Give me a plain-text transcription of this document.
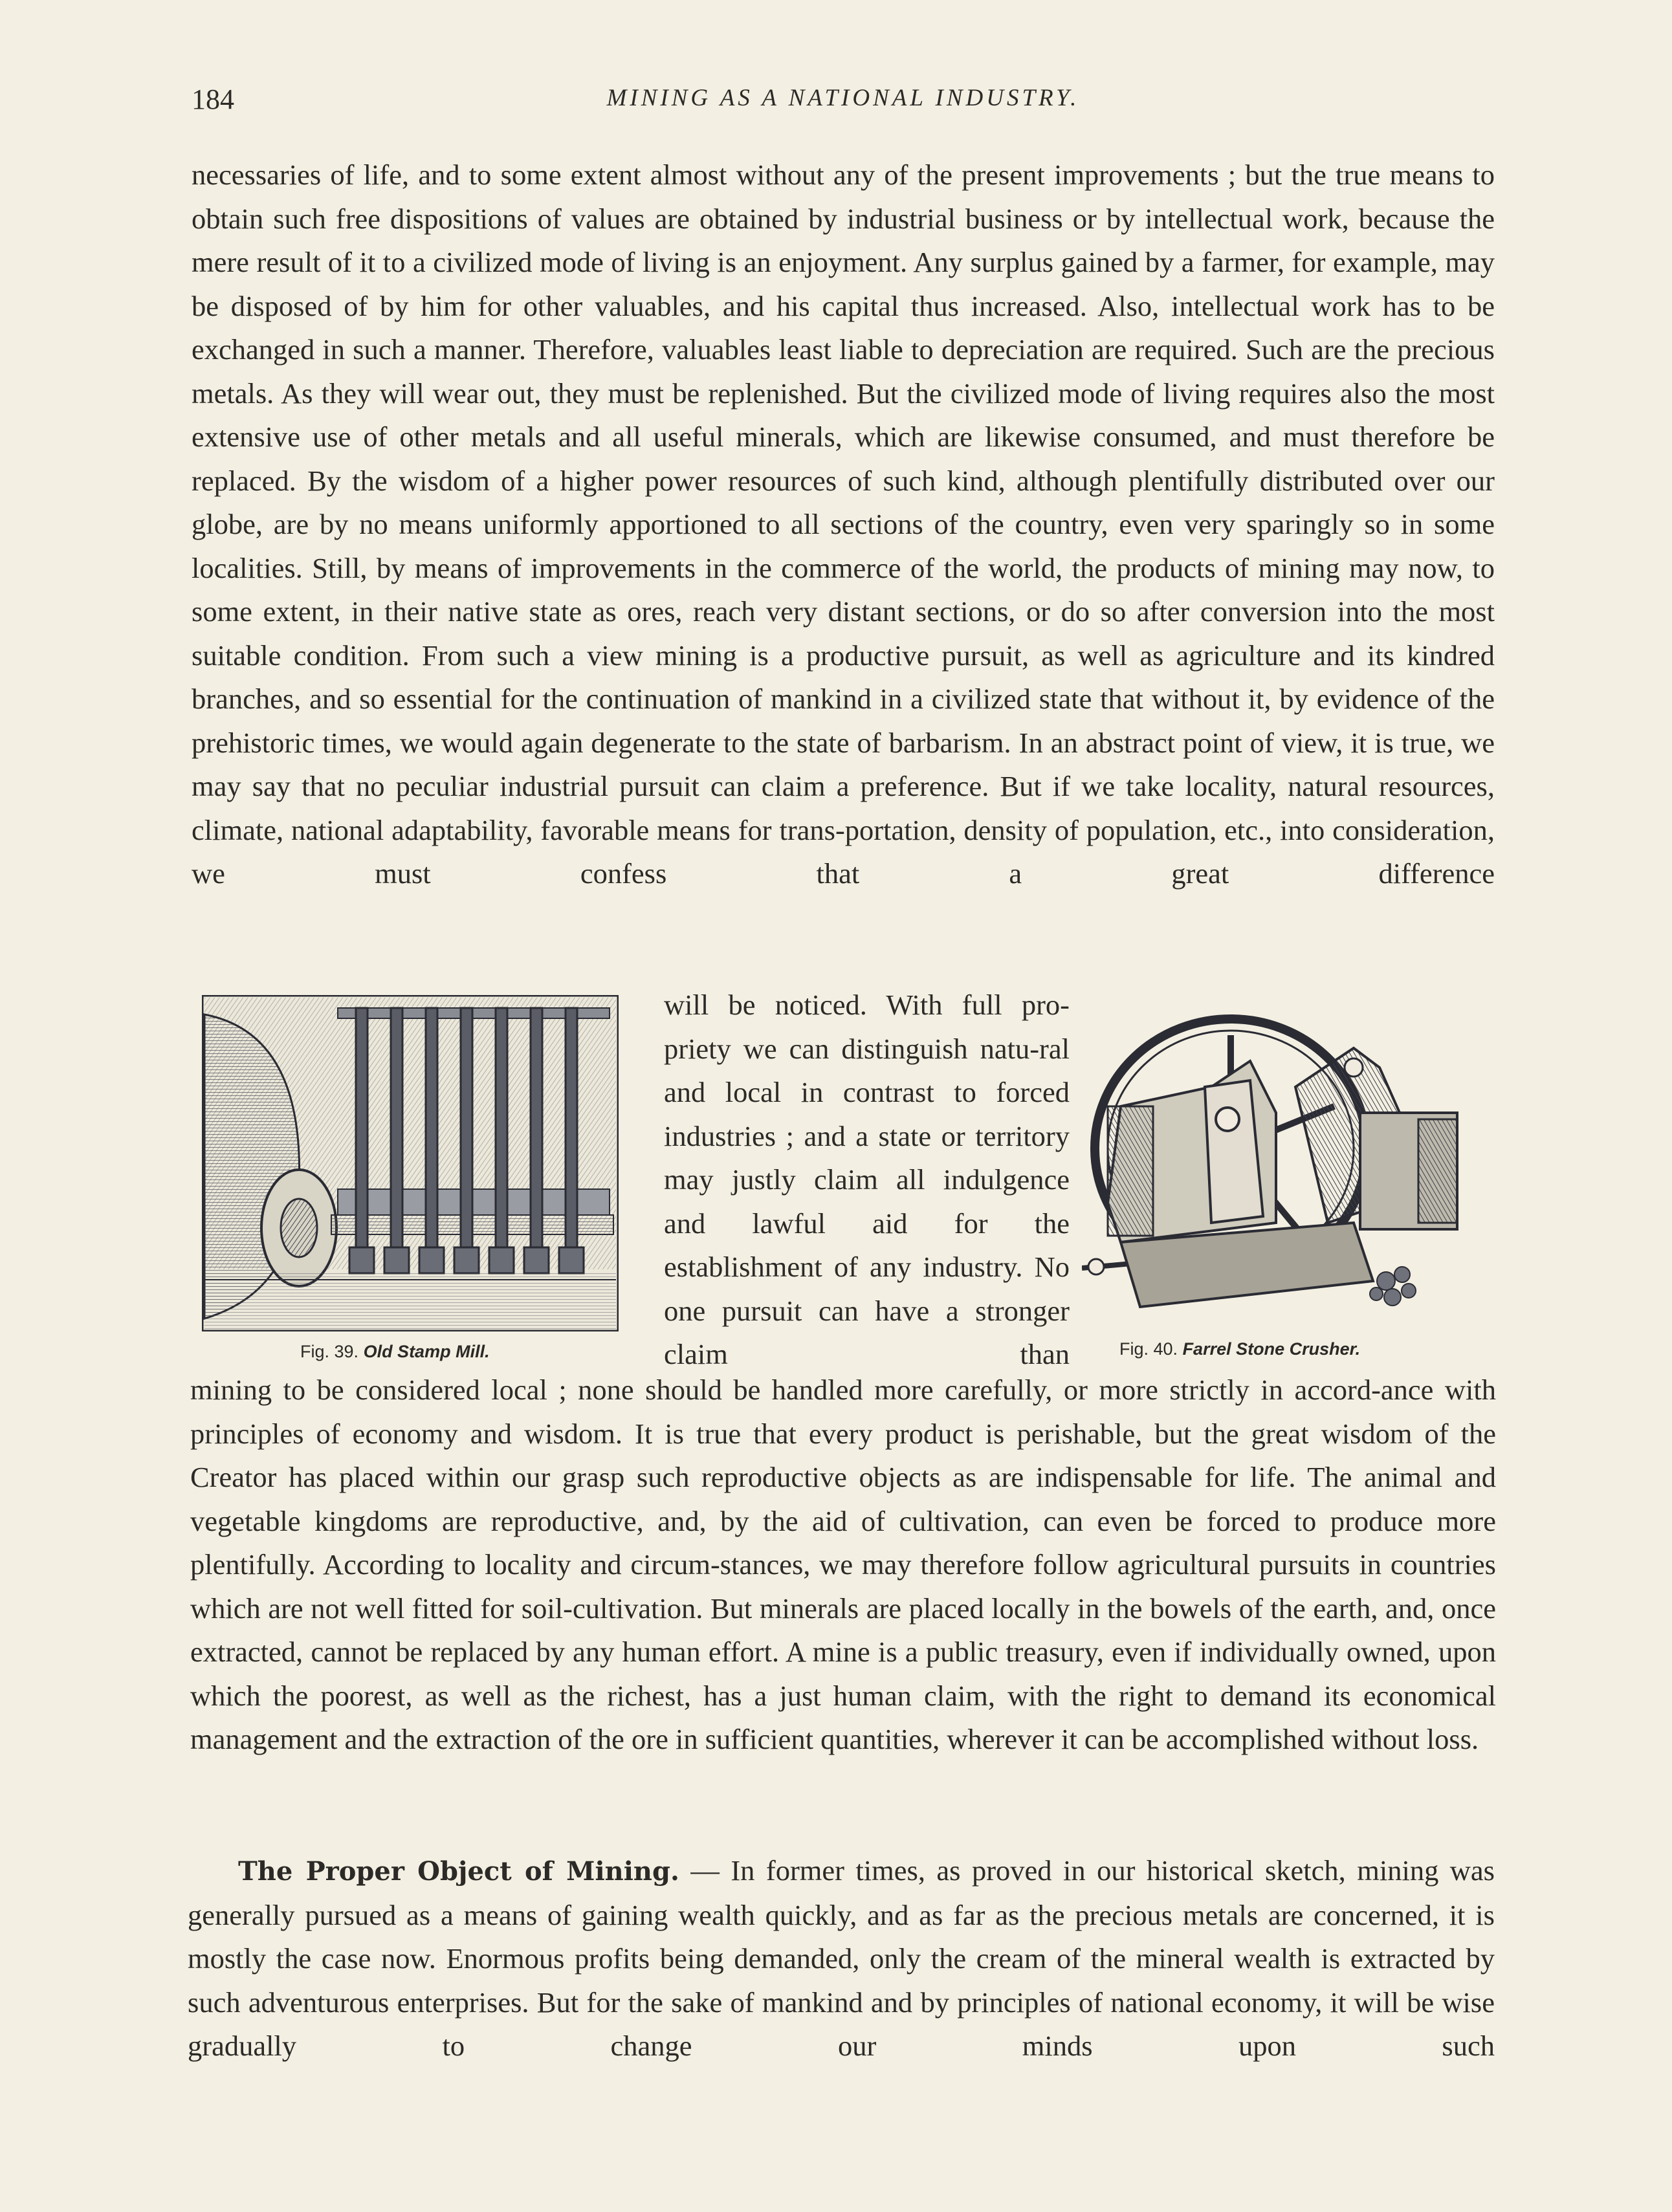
184	MINING AS A NATIONAL INDUSTRY.

necessaries of life, and to some extent almost without any of the present improvements ; but the true means to obtain such free dispositions of values are obtained by industrial business or by intellectual work, because the mere result of it to a civilized mode of living is an enjoyment. Any surplus gained by a farmer, for example, may be disposed of by him for other valuables, and his capital thus increased. Also, intellectual work has to be exchanged in such a manner. Therefore, valuables least liable to depreciation are required. Such are the precious metals. As they will wear out, they must be replenished. But the civilized mode of living requires also the most extensive use of other metals and all useful minerals, which are likewise consumed, and must therefore be replaced. By the wisdom of a higher power resources of such kind, although plentifully distributed over our globe, are by no means uniformly apportioned to all sections of the country, even very sparingly so in some localities. Still, by means of improvements in the commerce of the world, the products of mining may now, to some extent, in their native state as ores, reach very distant sections, or do so after conversion into the most suitable condition. From such a view mining is a productive pursuit, as well as agriculture and its kindred branches, and so essential for the continuation of mankind in a civilized state that without it, by evidence of the prehistoric times, we would again degenerate to the state of barbarism. In an abstract point of view, it is true, we may say that no peculiar industrial pursuit can claim a preference. But if we take locality, natural resources, climate, national adaptability, favorable means for trans-portation, density of population, etc., into consideration, we must confess that a great difference

will be noticed. With full pro-priety we can distinguish natu-ral and local in contrast to forced industries ; and a state or territory may justly claim all indulgence and lawful aid for the establishment of any industry. No one pursuit can have a stronger claim than

Fig. 39. Old Stamp Mill.	Fig. 40. Farrel Stone Crusher.

mining to be considered local ; none should be handled more carefully, or more strictly in accord-ance with principles of economy and wisdom. It is true that every product is perishable, but the great wisdom of the Creator has placed within our grasp such reproductive objects as are indispensable for life. The animal and vegetable kingdoms are reproductive, and, by the aid of cultivation, can even be forced to produce more plentifully. According to locality and circum-stances, we may therefore follow agricultural pursuits in countries which are not well fitted for soil-cultivation. But minerals are placed locally in the bowels of the earth, and, once extracted, cannot be replaced by any human effort. A mine is a public treasury, even if individually owned, upon which the poorest, as well as the richest, has a just human claim, with the right to demand its economical management and the extraction of the ore in sufficient quantities, wherever it can be accomplished without loss.

The Proper Object of Mining. — In former times, as proved in our historical sketch, mining was generally pursued as a means of gaining wealth quickly, and as far as the precious metals are concerned, it is mostly the case now. Enormous profits being demanded, only the cream of the mineral wealth is extracted by such adventurous enterprises. But for the sake of mankind and by principles of national economy, it will be wise gradually to change our minds upon such
